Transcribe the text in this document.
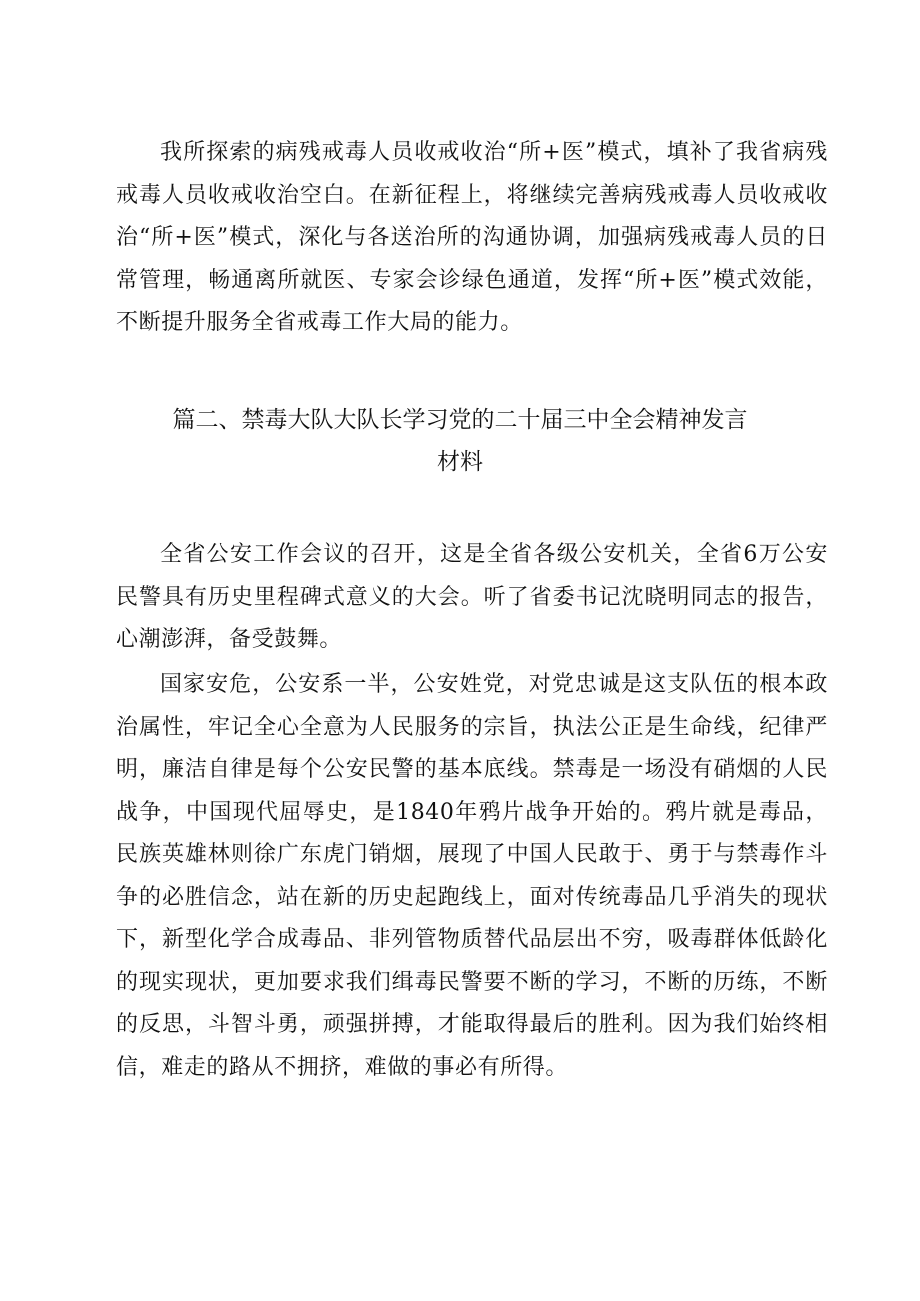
我所探索的病残戒毒人员收戒收治“所+医”模式，填补了我省病残戒毒人员收戒收治空白。在新征程上，将继续完善病残戒毒人员收戒收治“所+医”模式，深化与各送治所的沟通协调，加强病残戒毒人员的日常管理，畅通离所就医、专家会诊绿色通道，发挥“所+医”模式效能，不断提升服务全省戒毒工作大局的能力。

篇二、禁毒大队大队长学习党的二十届三中全会精神发言
材料

全省公安工作会议的召开，这是全省各级公安机关，全省6万公安民警具有历史里程碑式意义的大会。听了省委书记沈晓明同志的报告，心潮澎湃，备受鼓舞。

国家安危，公安系一半，公安姓党，对党忠诚是这支队伍的根本政治属性，牢记全心全意为人民服务的宗旨，执法公正是生命线，纪律严明，廉洁自律是每个公安民警的基本底线。禁毒是一场没有硝烟的人民战争，中国现代屈辱史，是1840年鸦片战争开始的。鸦片就是毒品，民族英雄林则徐广东虎门销烟，展现了中国人民敢于、勇于与禁毒作斗争的必胜信念，站在新的历史起跑线上，面对传统毒品几乎消失的现状下，新型化学合成毒品、非列管物质替代品层出不穷，吸毒群体低龄化的现实现状，更加要求我们缉毒民警要不断的学习，不断的历练，不断的反思，斗智斗勇，顽强拼搏，才能取得最后的胜利。因为我们始终相信，难走的路从不拥挤，难做的事必有所得。
